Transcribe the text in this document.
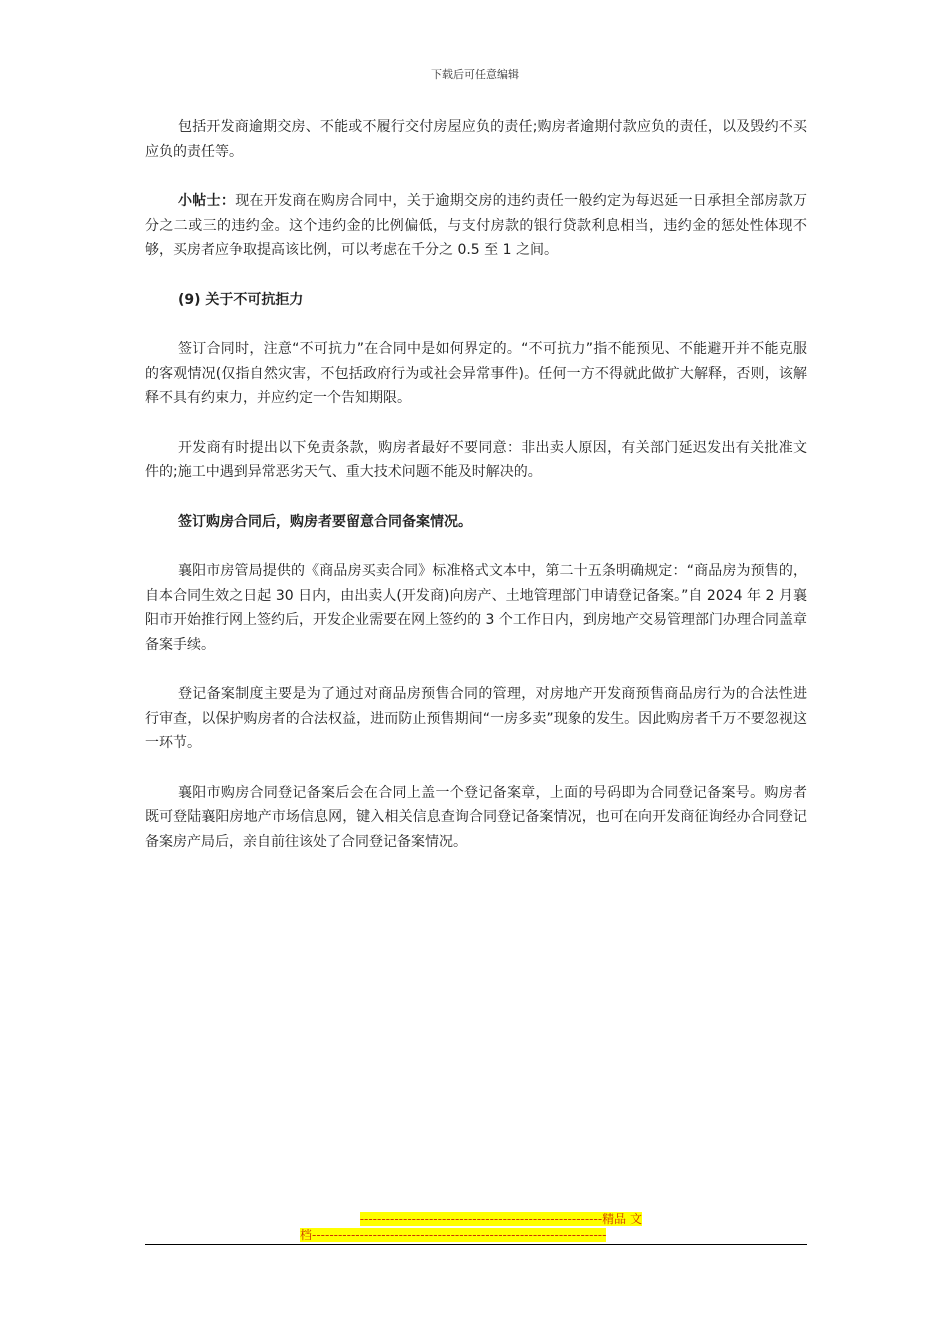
下载后可任意编辑

包括开发商逾期交房、不能或不履行交付房屋应负的责任;购房者逾期付款应负的责任，以及毁约不买应负的责任等。

小帖士：现在开发商在购房合同中，关于逾期交房的违约责任一般约定为每迟延一日承担全部房款万分之二或三的违约金。这个违约金的比例偏低，与支付房款的银行贷款利息相当，违约金的惩处性体现不够，买房者应争取提高该比例，可以考虑在千分之 0.5 至 1 之间。

(9) 关于不可抗拒力

签订合同时，注意“不可抗力”在合同中是如何界定的。“不可抗力”指不能预见、不能避开并不能克服的客观情况(仅指自然灾害，不包括政府行为或社会异常事件)。任何一方不得就此做扩大解释，否则，该解释不具有约束力，并应约定一个告知期限。

开发商有时提出以下免责条款，购房者最好不要同意：非出卖人原因，有关部门延迟发出有关批准文件的;施工中遇到异常恶劣天气、重大技术问题不能及时解决的。

签订购房合同后，购房者要留意合同备案情况。

襄阳市房管局提供的《商品房买卖合同》标准格式文本中，第二十五条明确规定：“商品房为预售的，自本合同生效之日起 30 日内，由出卖人(开发商)向房产、土地管理部门申请登记备案。”自 2024 年 2 月襄阳市开始推行网上签约后，开发企业需要在网上签约的 3 个工作日内，到房地产交易管理部门办理合同盖章备案手续。

登记备案制度主要是为了通过对商品房预售合同的管理，对房地产开发商预售商品房行为的合法性进行审查，以保护购房者的合法权益，进而防止预售期间“一房多卖”现象的发生。因此购房者千万不要忽视这一环节。

襄阳市购房合同登记备案后会在合同上盖一个登记备案章，上面的号码即为合同登记备案号。购房者既可登陆襄阳房地产市场信息网，键入相关信息查询合同登记备案情况，也可在向开发商征询经办合同登记备案房产局后，亲自前往该处了合同登记备案情况。

--------------------------------------------------------精品 文
档--------------------------------------------------------------------
